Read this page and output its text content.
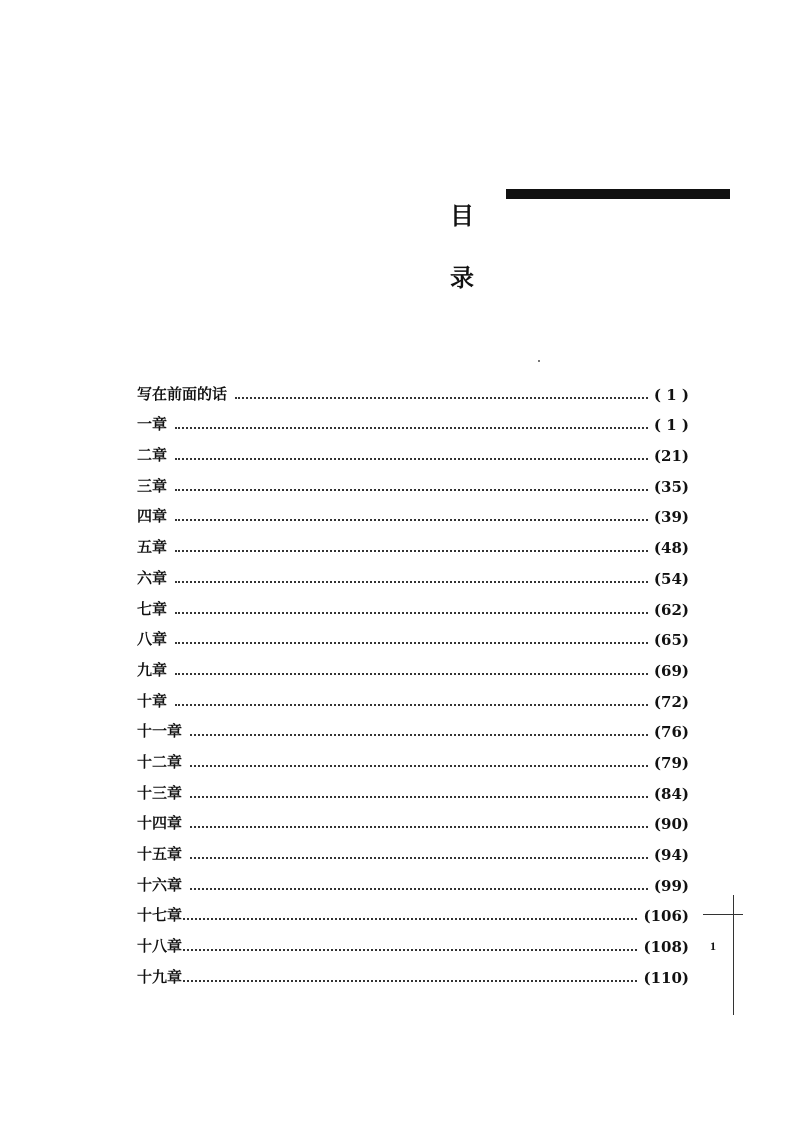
目
录
写在前面的话	( 1 )
一章	( 1 )
二章	(21)
三章	(35)
四章	(39)
五章	(48)
六章	(54)
七章	(62)
八章	(65)
九章	(69)
十章	(72)
十一章	(76)
十二章	(79)
十三章	(84)
十四章	(90)
十五章	(94)
十六章	(99)
十七章	(106)
十八章	(108)
十九章	(110)
1
